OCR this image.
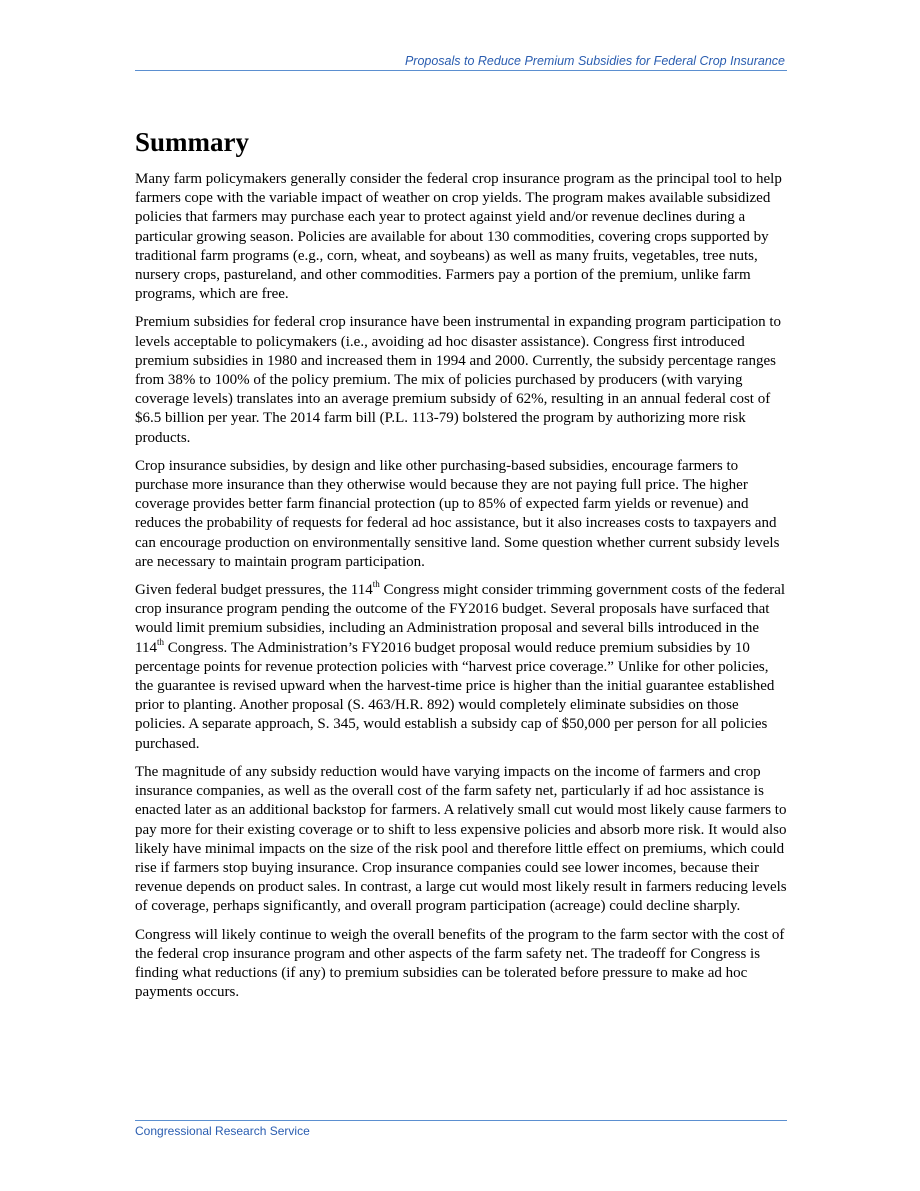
Proposals to Reduce Premium Subsidies for Federal Crop Insurance
Summary

Many farm policymakers generally consider the federal crop insurance program as the principal tool to help farmers cope with the variable impact of weather on crop yields. The program makes available subsidized policies that farmers may purchase each year to protect against yield and/or revenue declines during a particular growing season. Policies are available for about 130 commodities, covering crops supported by traditional farm programs (e.g., corn, wheat, and soybeans) as well as many fruits, vegetables, tree nuts, nursery crops, pastureland, and other commodities. Farmers pay a portion of the premium, unlike farm programs, which are free.

Premium subsidies for federal crop insurance have been instrumental in expanding program participation to levels acceptable to policymakers (i.e., avoiding ad hoc disaster assistance). Congress first introduced premium subsidies in 1980 and increased them in 1994 and 2000. Currently, the subsidy percentage ranges from 38% to 100% of the policy premium. The mix of policies purchased by producers (with varying coverage levels) translates into an average premium subsidy of 62%, resulting in an annual federal cost of $6.5 billion per year. The 2014 farm bill (P.L. 113-79) bolstered the program by authorizing more risk products.

Crop insurance subsidies, by design and like other purchasing-based subsidies, encourage farmers to purchase more insurance than they otherwise would because they are not paying full price. The higher coverage provides better farm financial protection (up to 85% of expected farm yields or revenue) and reduces the probability of requests for federal ad hoc assistance, but it also increases costs to taxpayers and can encourage production on environmentally sensitive land. Some question whether current subsidy levels are necessary to maintain program participation.

Given federal budget pressures, the 114th Congress might consider trimming government costs of the federal crop insurance program pending the outcome of the FY2016 budget. Several proposals have surfaced that would limit premium subsidies, including an Administration proposal and several bills introduced in the 114th Congress. The Administration’s FY2016 budget proposal would reduce premium subsidies by 10 percentage points for revenue protection policies with “harvest price coverage.” Unlike for other policies, the guarantee is revised upward when the harvest-time price is higher than the initial guarantee established prior to planting. Another proposal (S. 463/H.R. 892) would completely eliminate subsidies on those policies. A separate approach, S. 345, would establish a subsidy cap of $50,000 per person for all policies purchased.

The magnitude of any subsidy reduction would have varying impacts on the income of farmers and crop insurance companies, as well as the overall cost of the farm safety net, particularly if ad hoc assistance is enacted later as an additional backstop for farmers. A relatively small cut would most likely cause farmers to pay more for their existing coverage or to shift to less expensive policies and absorb more risk. It would also likely have minimal impacts on the size of the risk pool and therefore little effect on premiums, which could rise if farmers stop buying insurance. Crop insurance companies could see lower incomes, because their revenue depends on product sales. In contrast, a large cut would most likely result in farmers reducing levels of coverage, perhaps significantly, and overall program participation (acreage) could decline sharply.

Congress will likely continue to weigh the overall benefits of the program to the farm sector with the cost of the federal crop insurance program and other aspects of the farm safety net. The tradeoff for Congress is finding what reductions (if any) to premium subsidies can be tolerated before pressure to make ad hoc payments occurs.

Congressional Research Service
